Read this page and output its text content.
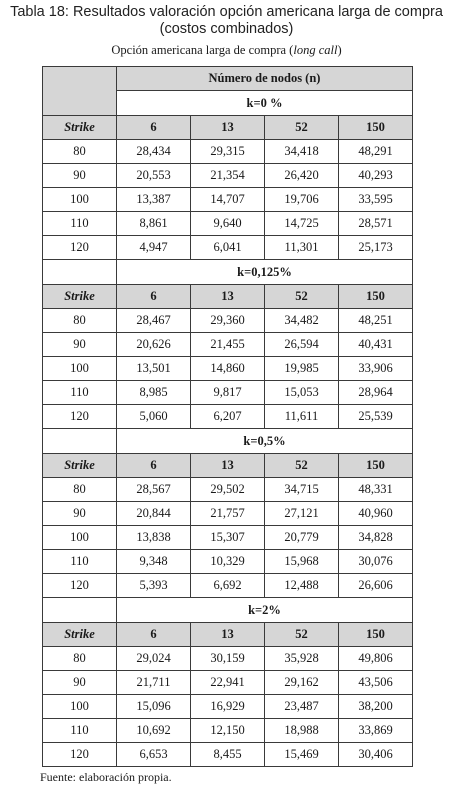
Tabla 18: Resultados valoración opción americana larga de compra
(costos combinados)

Opción americana larga de compra (long call)
	Número de nodos (n)			
	k=0 %			
Strike	6	13	52	150
80	28,434	29,315	34,418	48,291
90	20,553	21,354	26,420	40,293
100	13,387	14,707	19,706	33,595
110	8,861	9,640	14,725	28,571
120	4,947	6,041	11,301	25,173
	k=0,125%			
Strike	6	13	52	150
80	28,467	29,360	34,482	48,251
90	20,626	21,455	26,594	40,431
100	13,501	14,860	19,985	33,906
110	8,985	9,817	15,053	28,964
120	5,060	6,207	11,611	25,539
	k=0,5%			
Strike	6	13	52	150
80	28,567	29,502	34,715	48,331
90	20,844	21,757	27,121	40,960
100	13,838	15,307	20,779	34,828
110	9,348	10,329	15,968	30,076
120	5,393	6,692	12,488	26,606
	k=2%			
Strike	6	13	52	150
80	29,024	30,159	35,928	49,806
90	21,711	22,941	29,162	43,506
100	15,096	16,929	23,487	38,200
110	10,692	12,150	18,988	33,869
120	6,653	8,455	15,469	30,406
Fuente: elaboración propia.
